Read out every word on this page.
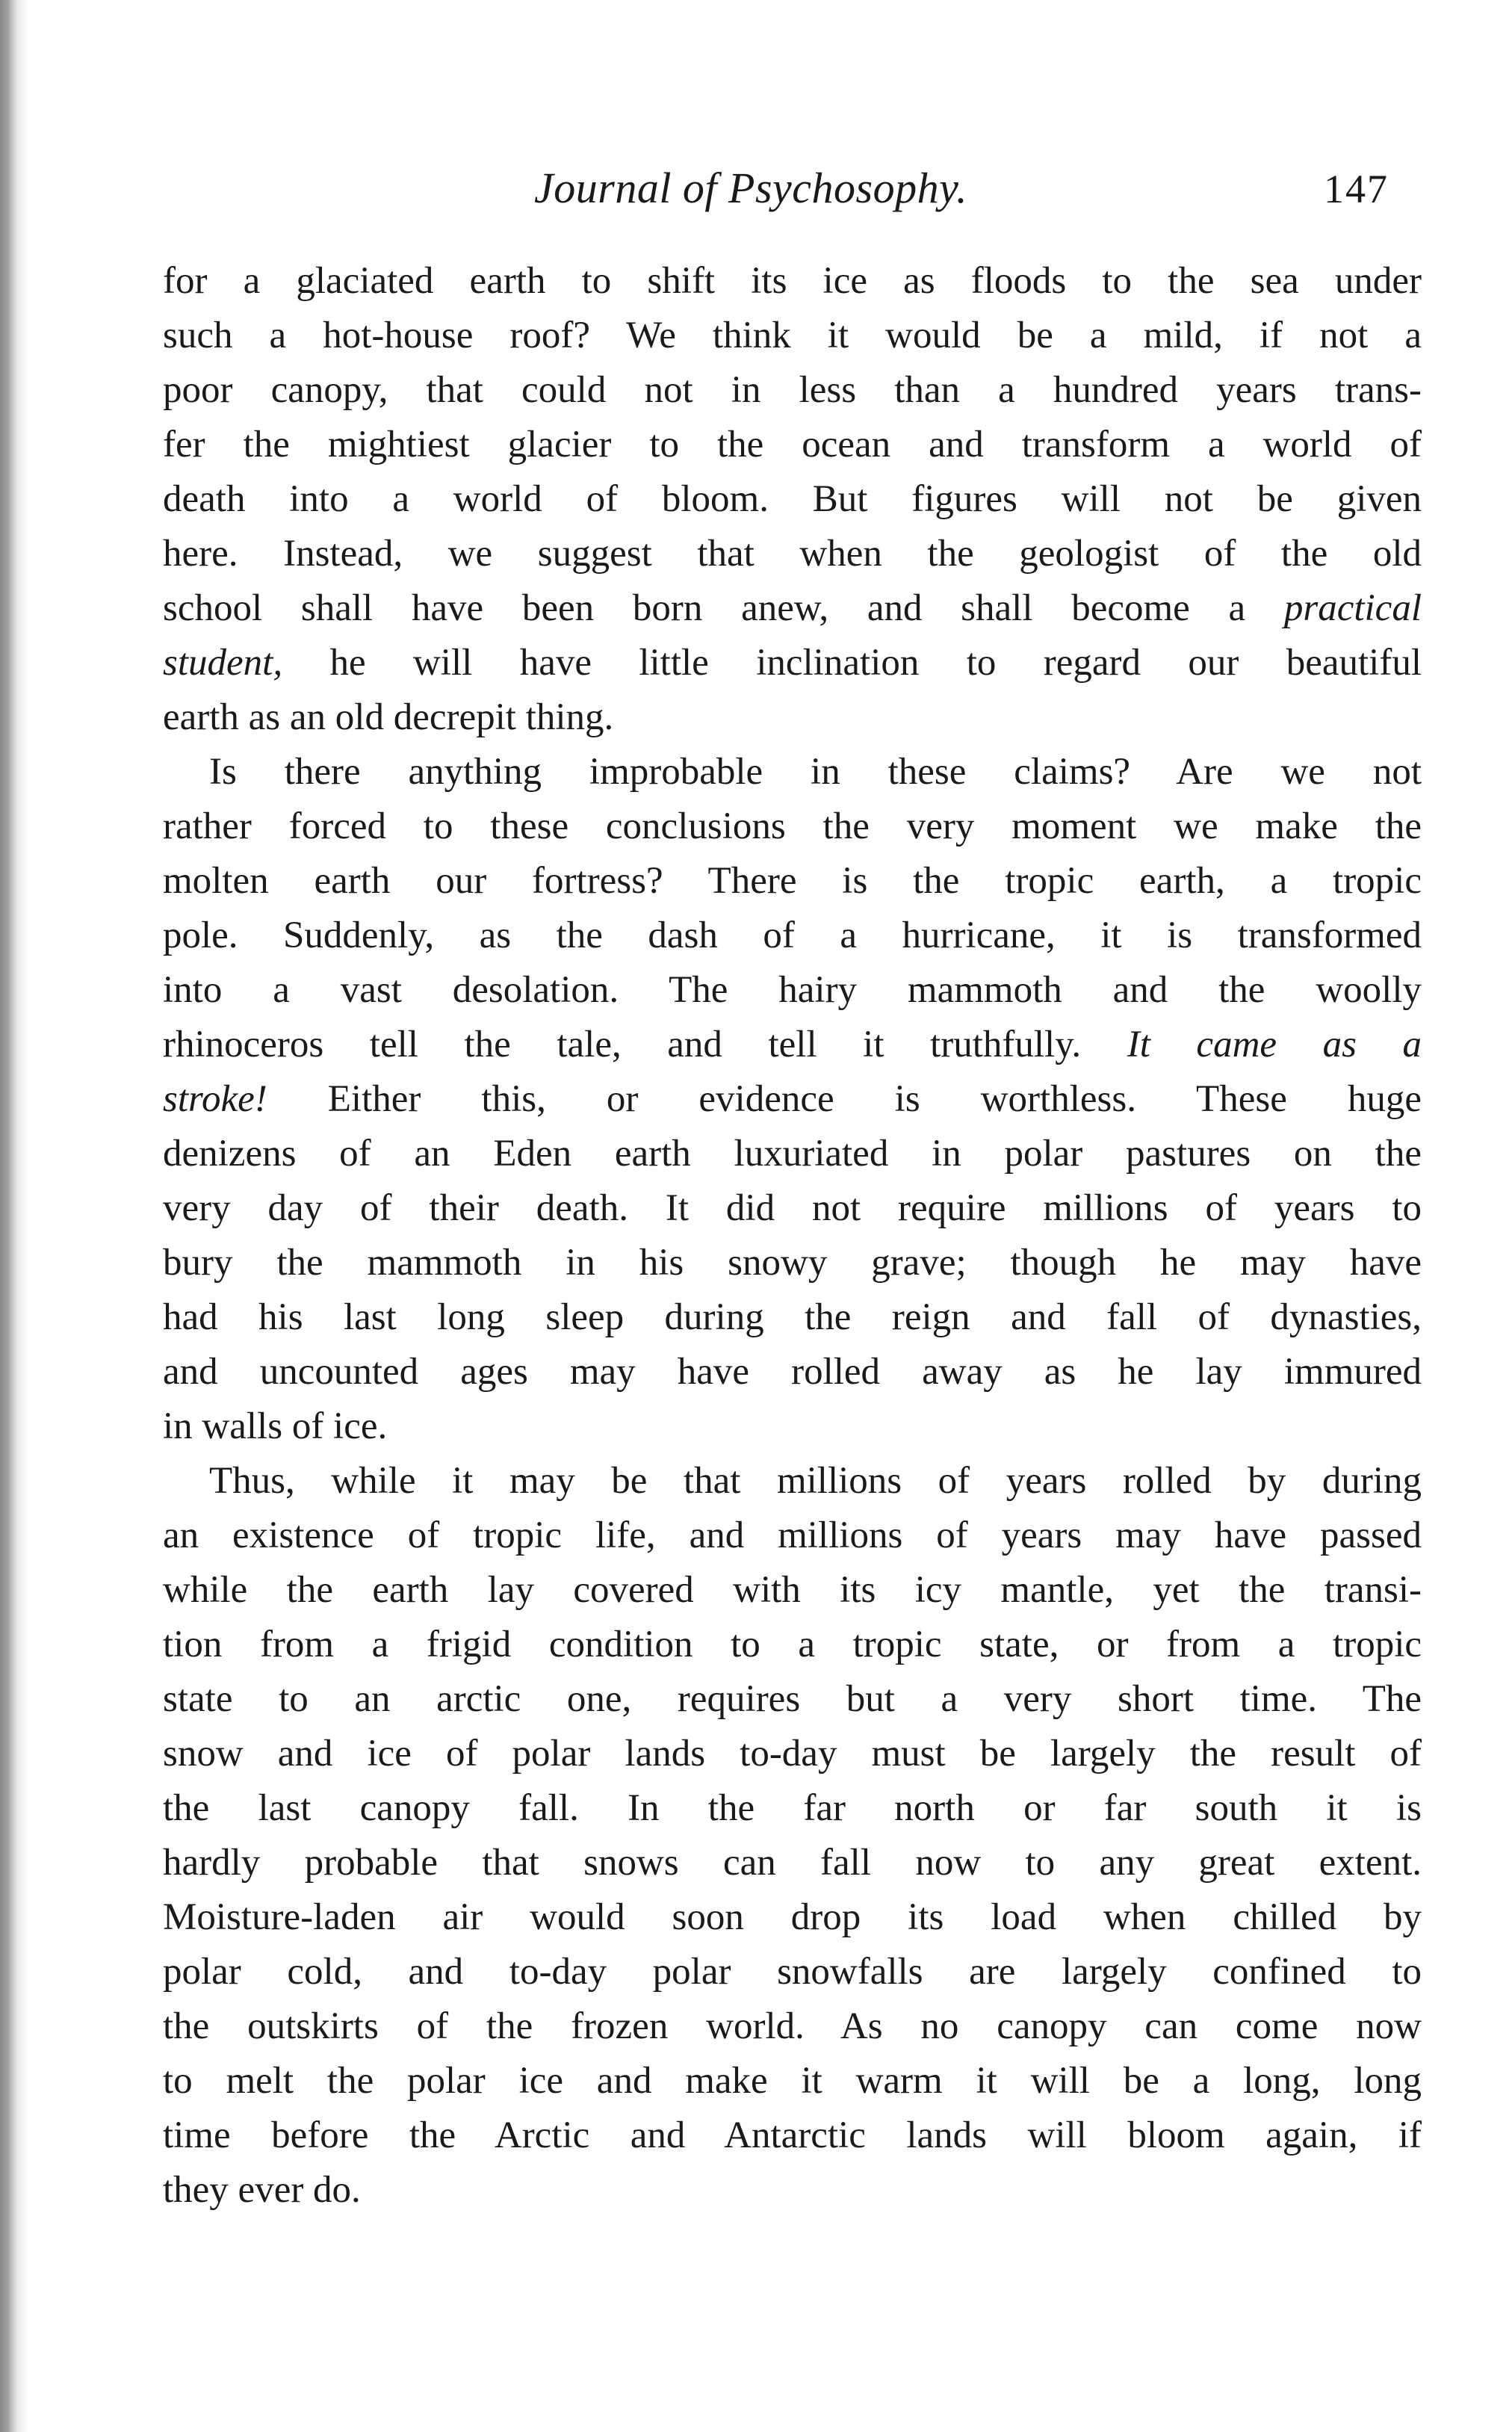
Journal of Psychosophy.	147
for a glaciated earth to shift its ice as floods to the sea under
such a hot-house roof? We think it would be a mild, if not a
poor canopy, that could not in less than a hundred years trans-
fer the mightiest glacier to the ocean and transform a world of
death into a world of bloom. But figures will not be given
here. Instead, we suggest that when the geologist of the old
school shall have been born anew, and shall become a practical
student, he will have little inclination to regard our beautiful
earth as an old decrepit thing.
Is there anything improbable in these claims? Are we not
rather forced to these conclusions the very moment we make the
molten earth our fortress? There is the tropic earth, a tropic
pole. Suddenly, as the dash of a hurricane, it is transformed
into a vast desolation. The hairy mammoth and the woolly
rhinoceros tell the tale, and tell it truthfully. It came as a
stroke! Either this, or evidence is worthless. These huge
denizens of an Eden earth luxuriated in polar pastures on the
very day of their death. It did not require millions of years to
bury the mammoth in his snowy grave; though he may have
had his last long sleep during the reign and fall of dynasties,
and uncounted ages may have rolled away as he lay immured
in walls of ice.
Thus, while it may be that millions of years rolled by during
an existence of tropic life, and millions of years may have passed
while the earth lay covered with its icy mantle, yet the transi-
tion from a frigid condition to a tropic state, or from a tropic
state to an arctic one, requires but a very short time. The
snow and ice of polar lands to-day must be largely the result of
the last canopy fall. In the far north or far south it is
hardly probable that snows can fall now to any great extent.
Moisture-laden air would soon drop its load when chilled by
polar cold, and to-day polar snowfalls are largely confined to
the outskirts of the frozen world. As no canopy can come now
to melt the polar ice and make it warm it will be a long, long
time before the Arctic and Antarctic lands will bloom again, if
they ever do.
